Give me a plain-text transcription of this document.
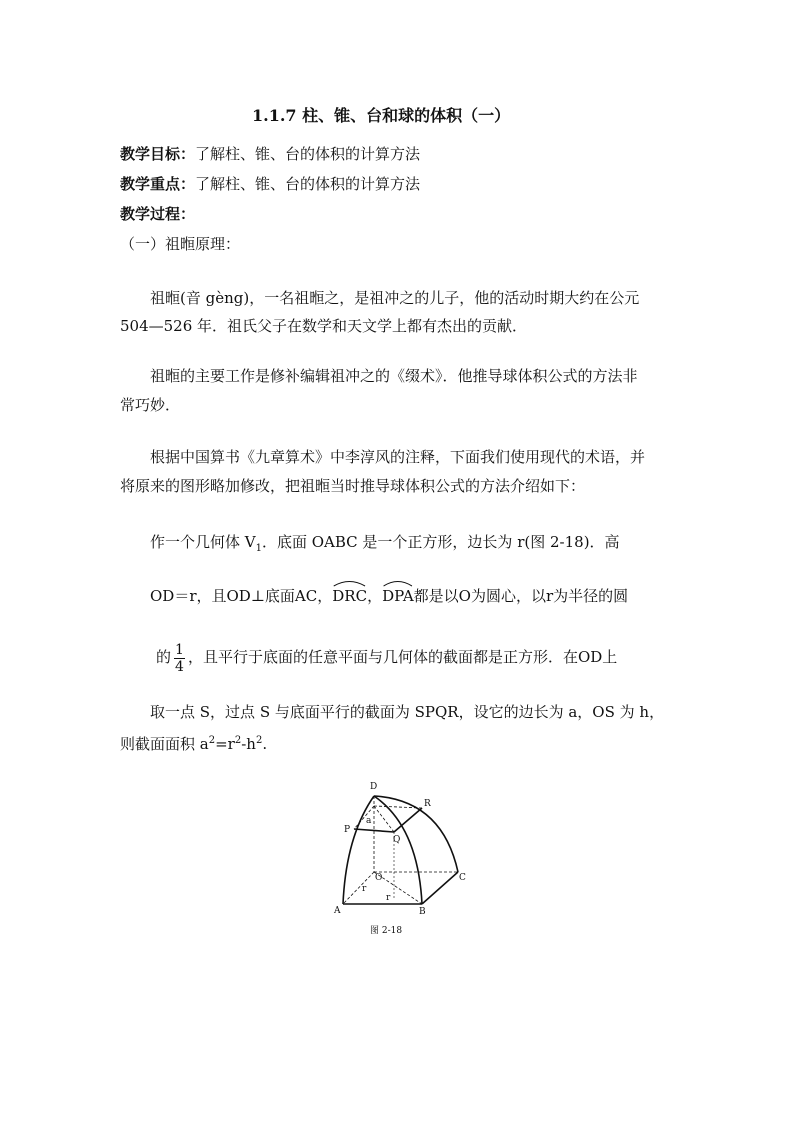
1.1.7 柱、锥、台和球的体积（一）
教学目标：了解柱、锥、台的体积的计算方法
教学重点：了解柱、锥、台的体积的计算方法
教学过程：
（一）祖暅原理：
祖暅(音 gèng)，一名祖暅之，是祖冲之的儿子，他的活动时期大约在公元
504—526 年．祖氏父子在数学和天文学上都有杰出的贡献．
祖暅的主要工作是修补编辑祖冲之的《缀术》．他推导球体积公式的方法非
常巧妙．
根据中国算书《九章算术》中李淳风的注释，下面我们使用现代的术语，并
将原来的图形略加修改，把祖暅当时推导球体积公式的方法介绍如下：
作一个几何体 $V_1$．底面 OABC 是一个正方形，边长为 r(图 2-18)．高
OD＝r，且OD⊥底面AC，
DRC，
DPA都是以O为圆心，以r为半径的圆
的 $\frac{1}{4}$ ，且平行于底面的任意平面与几何体的截面都是正方形．在OD上
取一点 S，过点 S 与底面平行的截面为 SPQR，设它的边长为 a，OS 为 h，
则截面面积 $a^2=r^2-h^2$.
D
R
P
a
Q
O	C
r
r
A	B
图 2-18
